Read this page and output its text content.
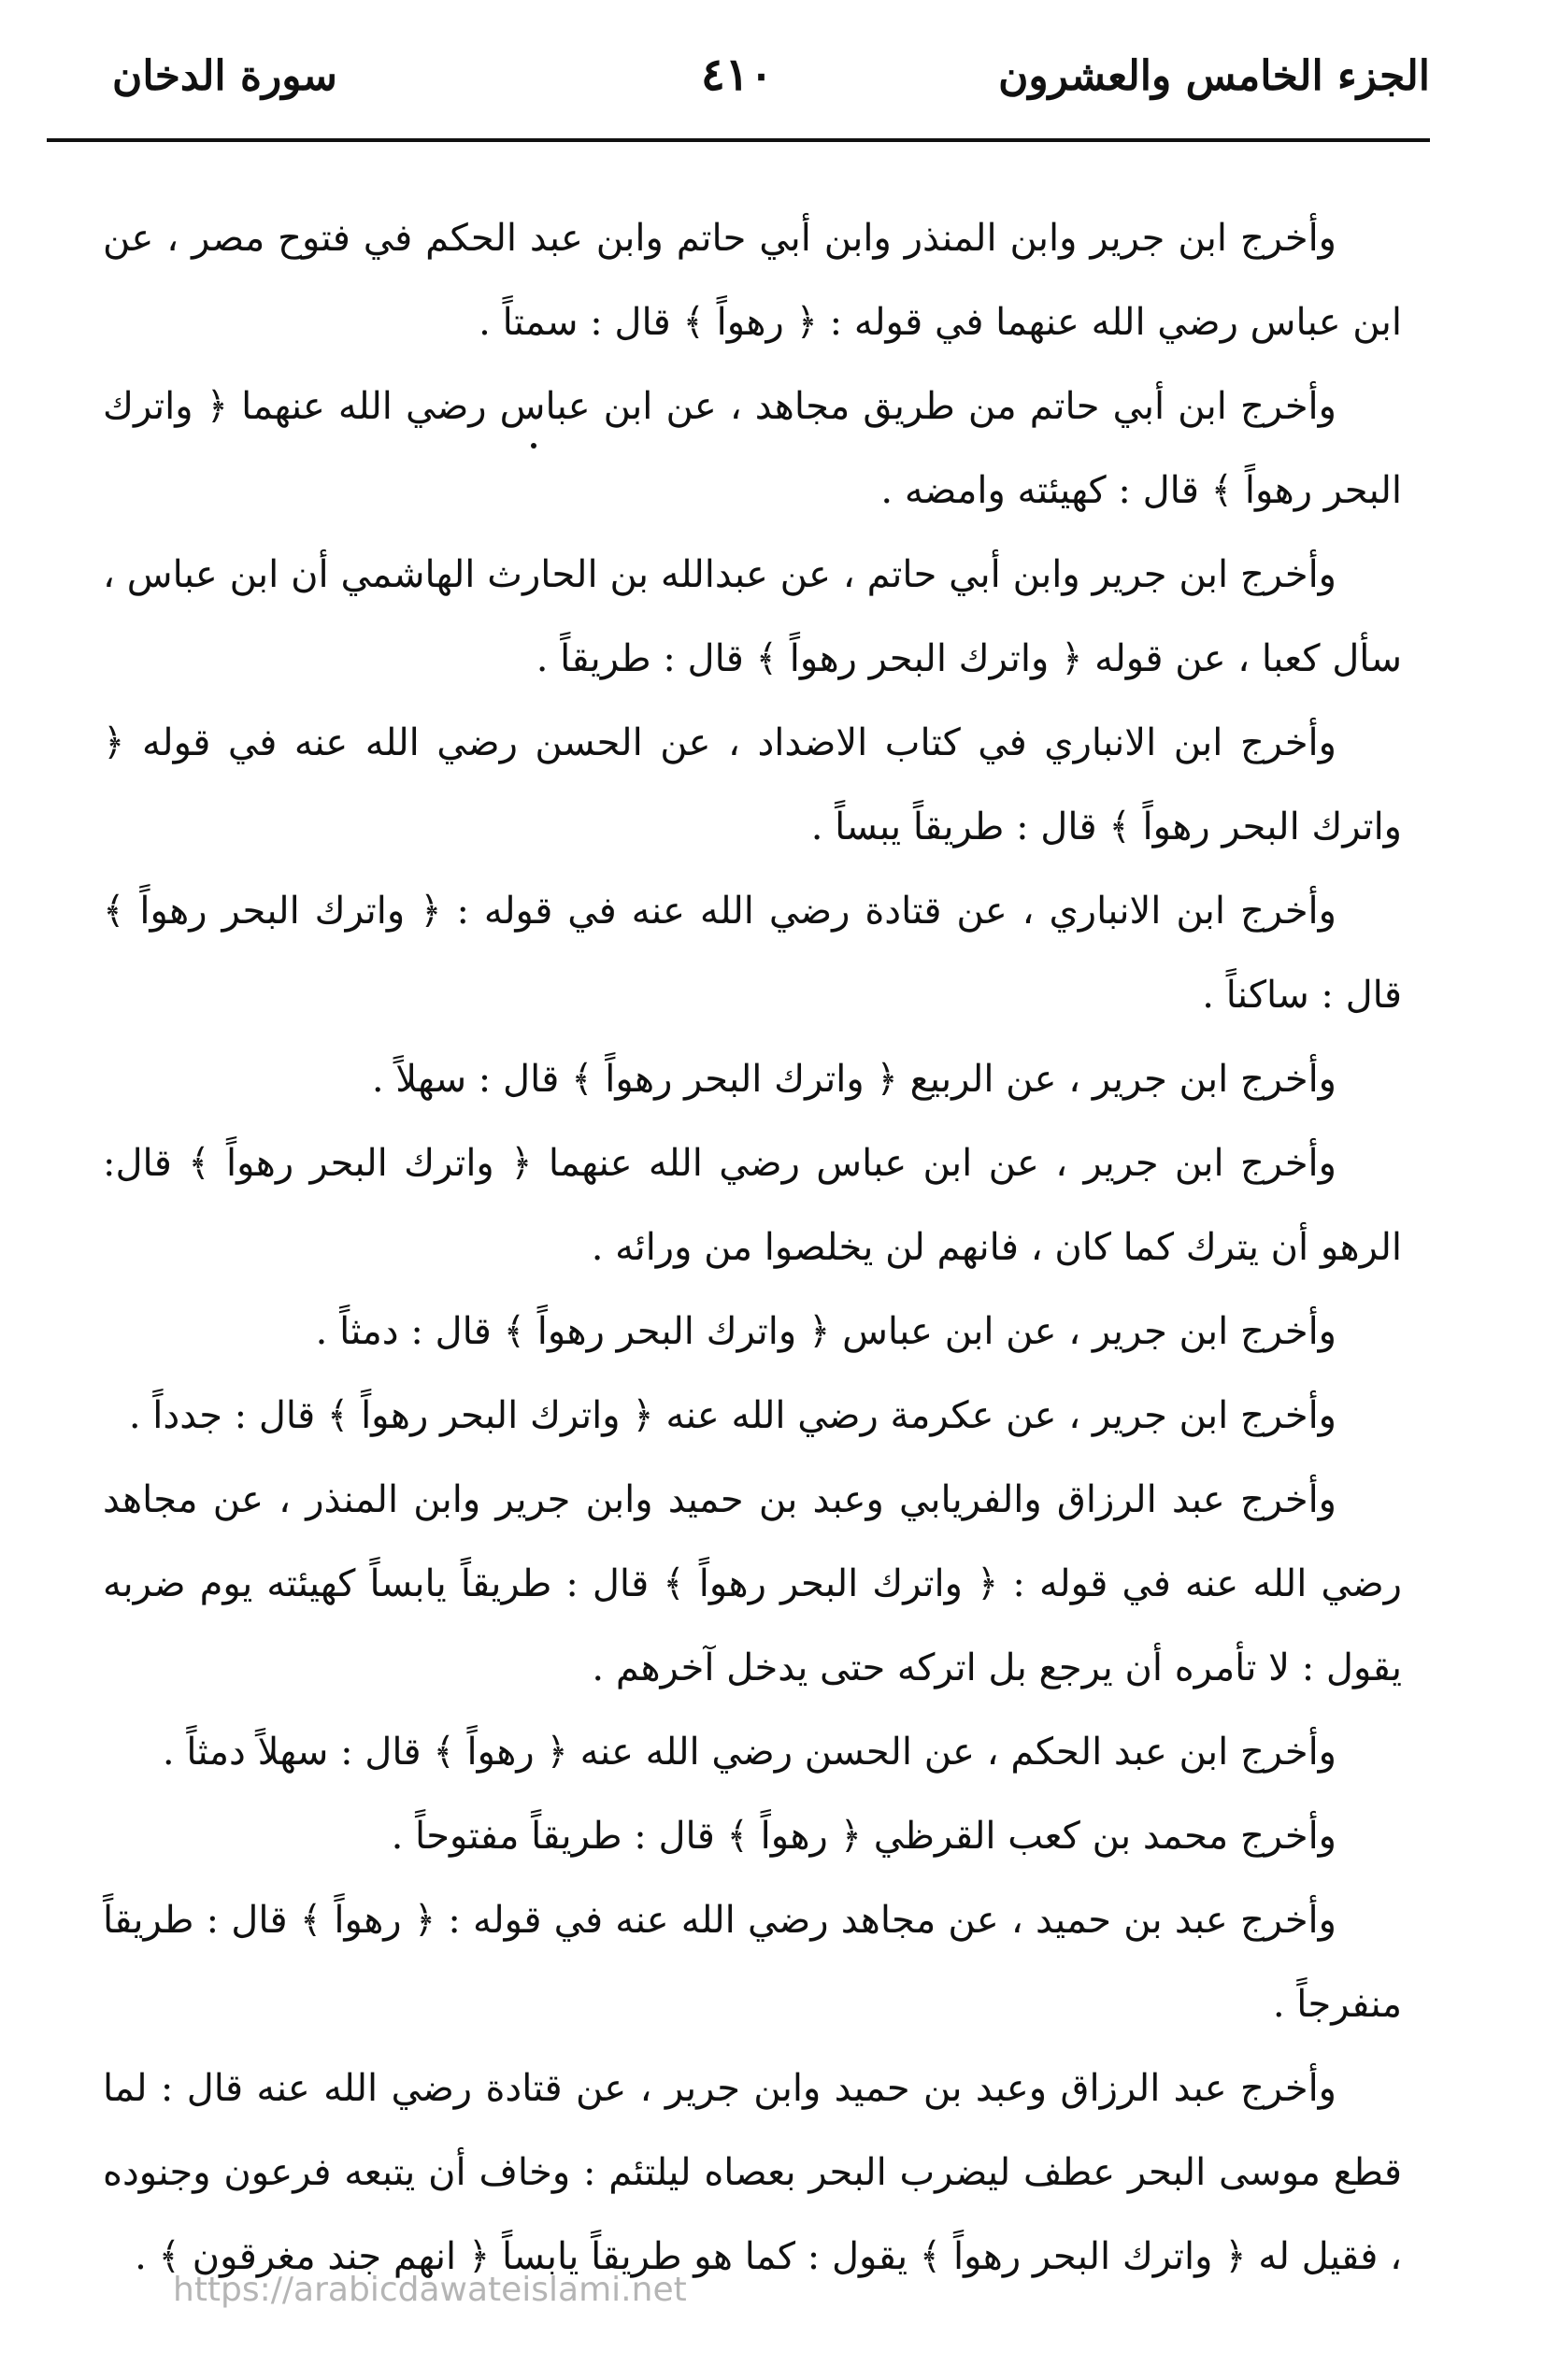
سورة الدخان	٤١٠	الجزء الخامس والعشرون

وأخرج ابن جرير وابن المنذر وابن أبي حاتم وابن عبد الحكم في فتوح مصر ، عن ابن عباس رضي الله عنهما في قوله : ﴿ رهواً ﴾ قال : سمتاً .

وأخرج ابن أبي حاتم من طريق مجاهد ، عن ابن عباس رضي الله عنهما ﴿ واترك البحر رهواً ﴾ قال : كهيئته وامضه .

وأخرج ابن جرير وابن أبي حاتم ، عن عبدالله بن الحارث الهاشمي أن ابن عباس ، سأل كعبا ، عن قوله ﴿ واترك البحر رهواً ﴾ قال : طريقاً .

وأخرج ابن الانباري في كتاب الاضداد ، عن الحسن رضي الله عنه في قوله ﴿ واترك البحر رهواً ﴾ قال : طريقاً يبساً .

وأخرج ابن الانباري ، عن قتادة رضي الله عنه في قوله : ﴿ واترك البحر رهواً ﴾ قال : ساكناً .

وأخرج ابن جرير ، عن الربيع ﴿ واترك البحر رهواً ﴾ قال : سهلاً .

وأخرج ابن جرير ، عن ابن عباس رضي الله عنهما ﴿ واترك البحر رهواً ﴾ قال: الرهو أن يترك كما كان ، فانهم لن يخلصوا من ورائه .

وأخرج ابن جرير ، عن ابن عباس ﴿ واترك البحر رهواً ﴾ قال : دمثاً .

وأخرج ابن جرير ، عن عكرمة رضي الله عنه ﴿ واترك البحر رهواً ﴾ قال : جدداً .

وأخرج عبد الرزاق والفريابي وعبد بن حميد وابن جرير وابن المنذر ، عن مجاهد رضي الله عنه في قوله : ﴿ واترك البحر رهواً ﴾ قال : طريقاً يابساً كهيئته يوم ضربه يقول : لا تأمره أن يرجع بل اتركه حتى يدخل آخرهم .

وأخرج ابن عبد الحكم ، عن الحسن رضي الله عنه ﴿ رهواً ﴾ قال : سهلاً دمثاً .

وأخرج محمد بن كعب القرظي ﴿ رهواً ﴾ قال : طريقاً مفتوحاً .

وأخرج عبد بن حميد ، عن مجاهد رضي الله عنه في قوله : ﴿ رهواً ﴾ قال : طريقاً منفرجاً .

وأخرج عبد الرزاق وعبد بن حميد وابن جرير ، عن قتادة رضي الله عنه قال : لما قطع موسى البحر عطف ليضرب البحر بعصاه ليلتئم : وخاف أن يتبعه فرعون وجنوده ، فقيل له ﴿ واترك البحر رهواً ﴾ يقول : كما هو طريقاً يابساً ﴿ انهم جند مغرقون ﴾ .

https://arabicdawateislami.net
